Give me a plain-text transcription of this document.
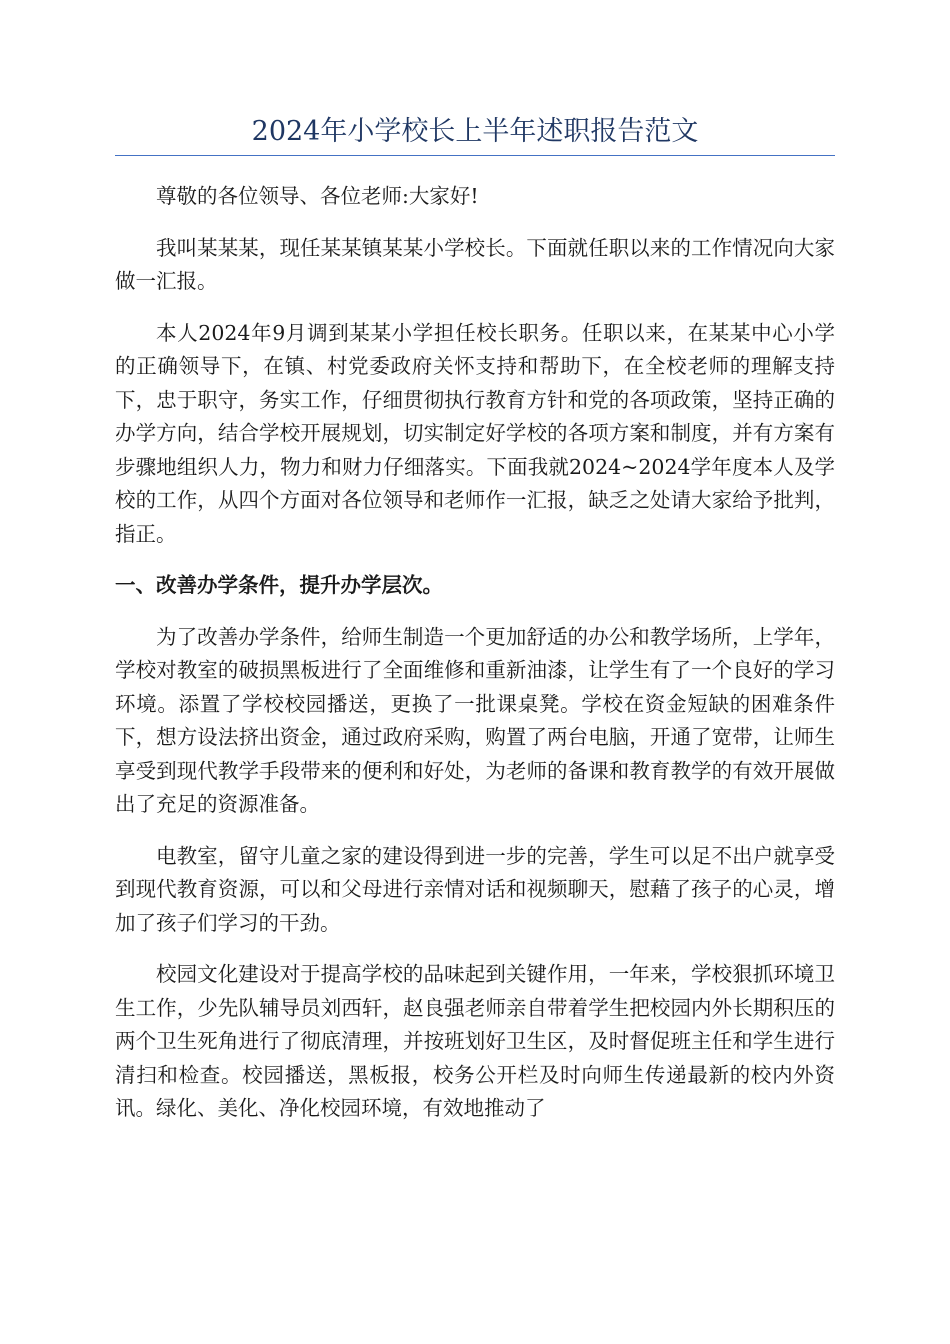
2024年小学校长上半年述职报告范文

尊敬的各位领导、各位老师:大家好!

我叫某某某，现任某某镇某某小学校长。下面就任职以来的工作情况向大家做一汇报。

本人2024年9月调到某某小学担任校长职务。任职以来，在某某中心小学的正确领导下，在镇、村党委政府关怀支持和帮助下，在全校老师的理解支持下，忠于职守，务实工作，仔细贯彻执行教育方针和党的各项政策，坚持正确的办学方向，结合学校开展规划，切实制定好学校的各项方案和制度，并有方案有步骤地组织人力，物力和财力仔细落实。下面我就2024~2024学年度本人及学校的工作，从四个方面对各位领导和老师作一汇报，缺乏之处请大家给予批判，指正。

一、改善办学条件，提升办学层次。

为了改善办学条件，给师生制造一个更加舒适的办公和教学场所，上学年，学校对教室的破损黑板进行了全面维修和重新油漆，让学生有了一个良好的学习环境。添置了学校校园播送，更换了一批课桌凳。学校在资金短缺的困难条件下，想方设法挤出资金，通过政府采购，购置了两台电脑，开通了宽带，让师生享受到现代教学手段带来的便利和好处，为老师的备课和教育教学的有效开展做出了充足的资源准备。

电教室，留守儿童之家的建设得到进一步的完善，学生可以足不出户就享受到现代教育资源，可以和父母进行亲情对话和视频聊天，慰藉了孩子的心灵，增加了孩子们学习的干劲。

校园文化建设对于提高学校的品味起到关键作用，一年来，学校狠抓环境卫生工作，少先队辅导员刘西轩，赵良强老师亲自带着学生把校园内外长期积压的两个卫生死角进行了彻底清理，并按班划好卫生区，及时督促班主任和学生进行清扫和检查。校园播送，黑板报，校务公开栏及时向师生传递最新的校内外资讯。绿化、美化、净化校园环境，有效地推动了
